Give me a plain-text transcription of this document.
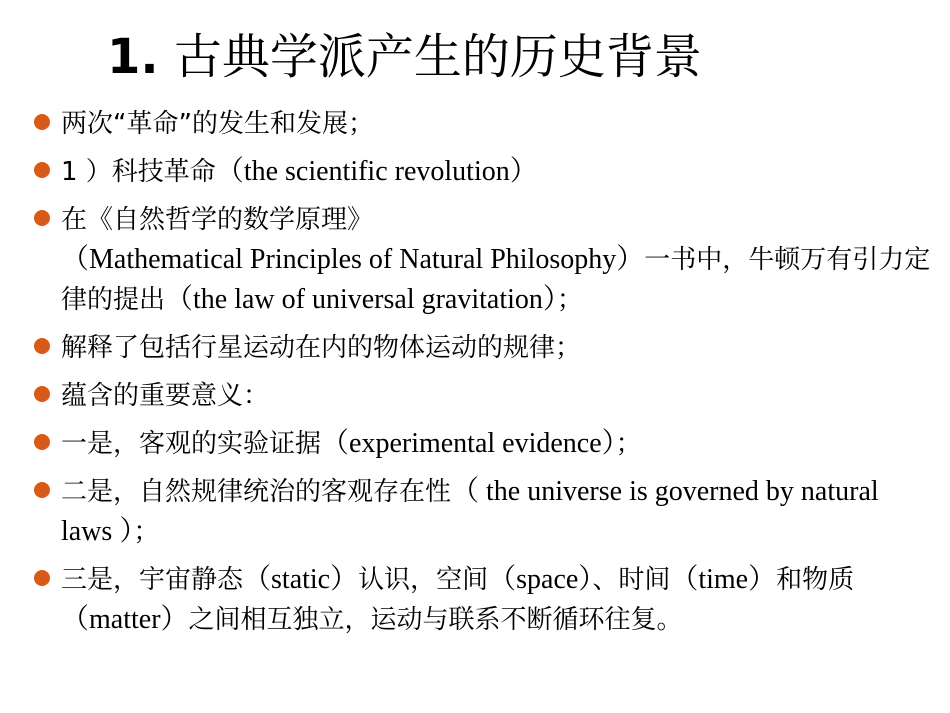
1. 古典学派产生的历史背景
两次“革命”的发生和发展；
1 ）科技革命（the scientific revolution）
在《自然哲学的数学原理》（Mathematical Principles of Natural Philosophy）一书中，牛顿万有引力定律的提出（the law of universal gravitation）；
解释了包括行星运动在内的物体运动的规律；
蕴含的重要意义：
一是，客观的实验证据（experimental evidence）；
二是，自然规律统治的客观存在性（ the universe is governed by natural laws ）；
三是，宇宙静态（static）认识，空间（space）、时间（time）和物质（matter）之间相互独立，运动与联系不断循环往复。
